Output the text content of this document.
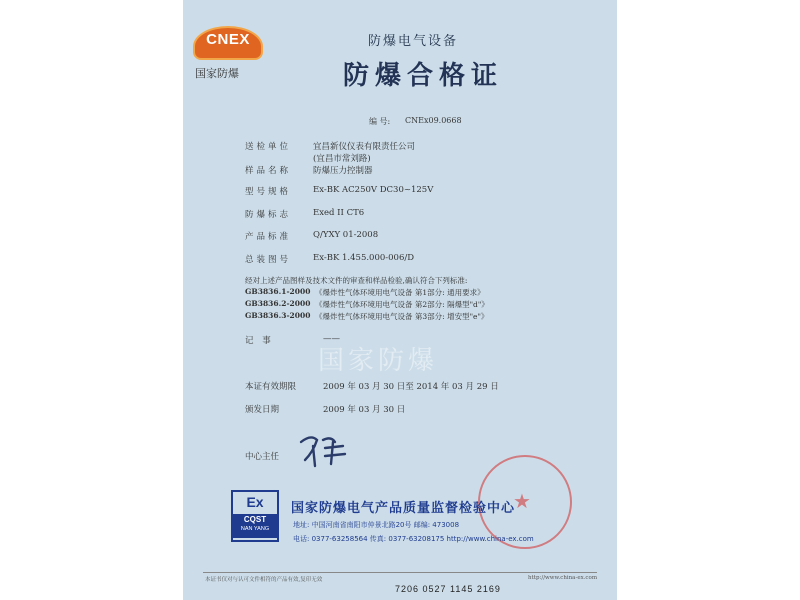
CNEX
国家防爆
防爆电气设备
防爆合格证
编 号: CNEx09.0668
送检单位	宜昌新仪仪表有限责任公司
(宜昌市常刘路)
样品名称	防爆压力控制器
型号规格	Ex-BK AC250V DC30~125V
防爆标志	Exed II CT6
产品标准	Q/YXY 01-2008
总装图号	Ex-BK 1.455.000-006/D
经对上述产品图样及技术文件的审查和样品检验,确认符合下列标准:
GB3836.1-2000 《爆炸性气体环境用电气设备 第1部分: 通用要求》
GB3836.2-2000 《爆炸性气体环境用电气设备 第2部分: 隔爆型"d"》
GB3836.3-2000 《爆炸性气体环境用电气设备 第3部分: 增安型"e"》
记 事	——
国家防爆
本证有效期限	2009 年 03 月 30 日至 2014 年 03 月 29 日
颁发日期	2009 年 03 月 30 日
中心主任
★
Ex
CQST
NAN YANG
国家防爆电气产品质量监督检验中心
地址: 中国河南省南阳市仲景北路20号 邮编: 473008
电话: 0377-63258564 传真: 0377-63208175 http://www.china-ex.com
本证书仅对与认可文件相符的产品有效,复印无效	http://www.china-ex.com
7206 0527 1145 2169
